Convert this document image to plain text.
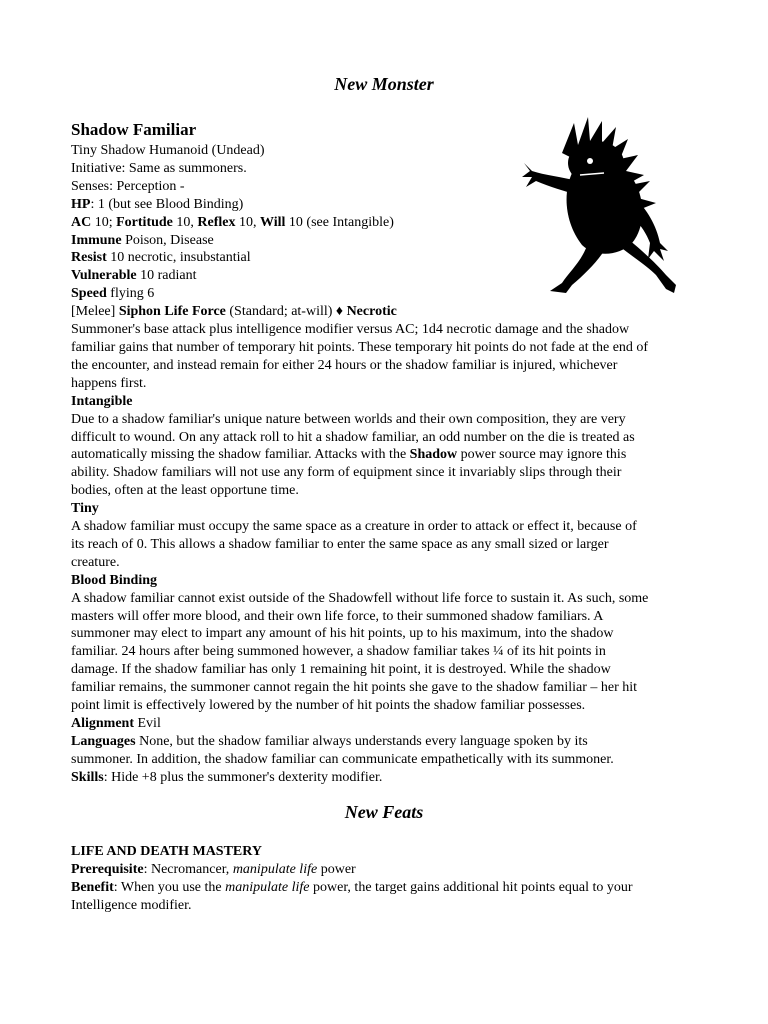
New Monster
Shadow Familiar
Tiny Shadow Humanoid (Undead)
Initiative: Same as summoners.
Senses: Perception -
HP: 1 (but see Blood Binding)
AC 10; Fortitude 10, Reflex 10, Will 10 (see Intangible)
Immune Poison, Disease
Resist 10 necrotic, insubstantial
Vulnerable 10 radiant
Speed flying 6
[Melee] Siphon Life Force (Standard; at-will) ♦ Necrotic
Summoner's base attack plus intelligence modifier versus AC; 1d4 necrotic damage and the shadow
familiar gains that number of temporary hit points. These temporary hit points do not fade at the end of
the encounter, and instead remain for either 24 hours or the shadow familiar is injured, whichever
happens first.
Intangible
Due to a shadow familiar's unique nature between worlds and their own composition, they are very
difficult to wound. On any attack roll to hit a shadow familiar, an odd number on the die is treated as
automatically missing the shadow familiar. Attacks with the Shadow power source may ignore this
ability. Shadow familiars will not use any form of equipment since it invariably slips through their
bodies, often at the least opportune time.
Tiny
A shadow familiar must occupy the same space as a creature in order to attack or effect it, because of
its reach of 0. This allows a shadow familiar to enter the same space as any small sized or larger
creature.
Blood Binding
A shadow familiar cannot exist outside of the Shadowfell without life force to sustain it. As such, some
masters will offer more blood, and their own life force, to their summoned shadow familiars. A
summoner may elect to impart any amount of his hit points, up to his maximum, into the shadow
familiar. 24 hours after being summoned however, a shadow familiar takes ¼ of its hit points in
damage. If the shadow familiar has only 1 remaining hit point, it is destroyed. While the shadow
familiar remains, the summoner cannot regain the hit points she gave to the shadow familiar – her hit
point limit is effectively lowered by the number of hit points the shadow familiar possesses.
Alignment Evil
Languages None, but the shadow familiar always understands every language spoken by its
summoner. In addition, the shadow familiar can communicate empathetically with its summoner.
Skills: Hide +8 plus the summoner's dexterity modifier.
New Feats
LIFE AND DEATH MASTERY
Prerequisite: Necromancer, manipulate life power
Benefit: When you use the manipulate life power, the target gains additional hit points equal to your
Intelligence modifier.
